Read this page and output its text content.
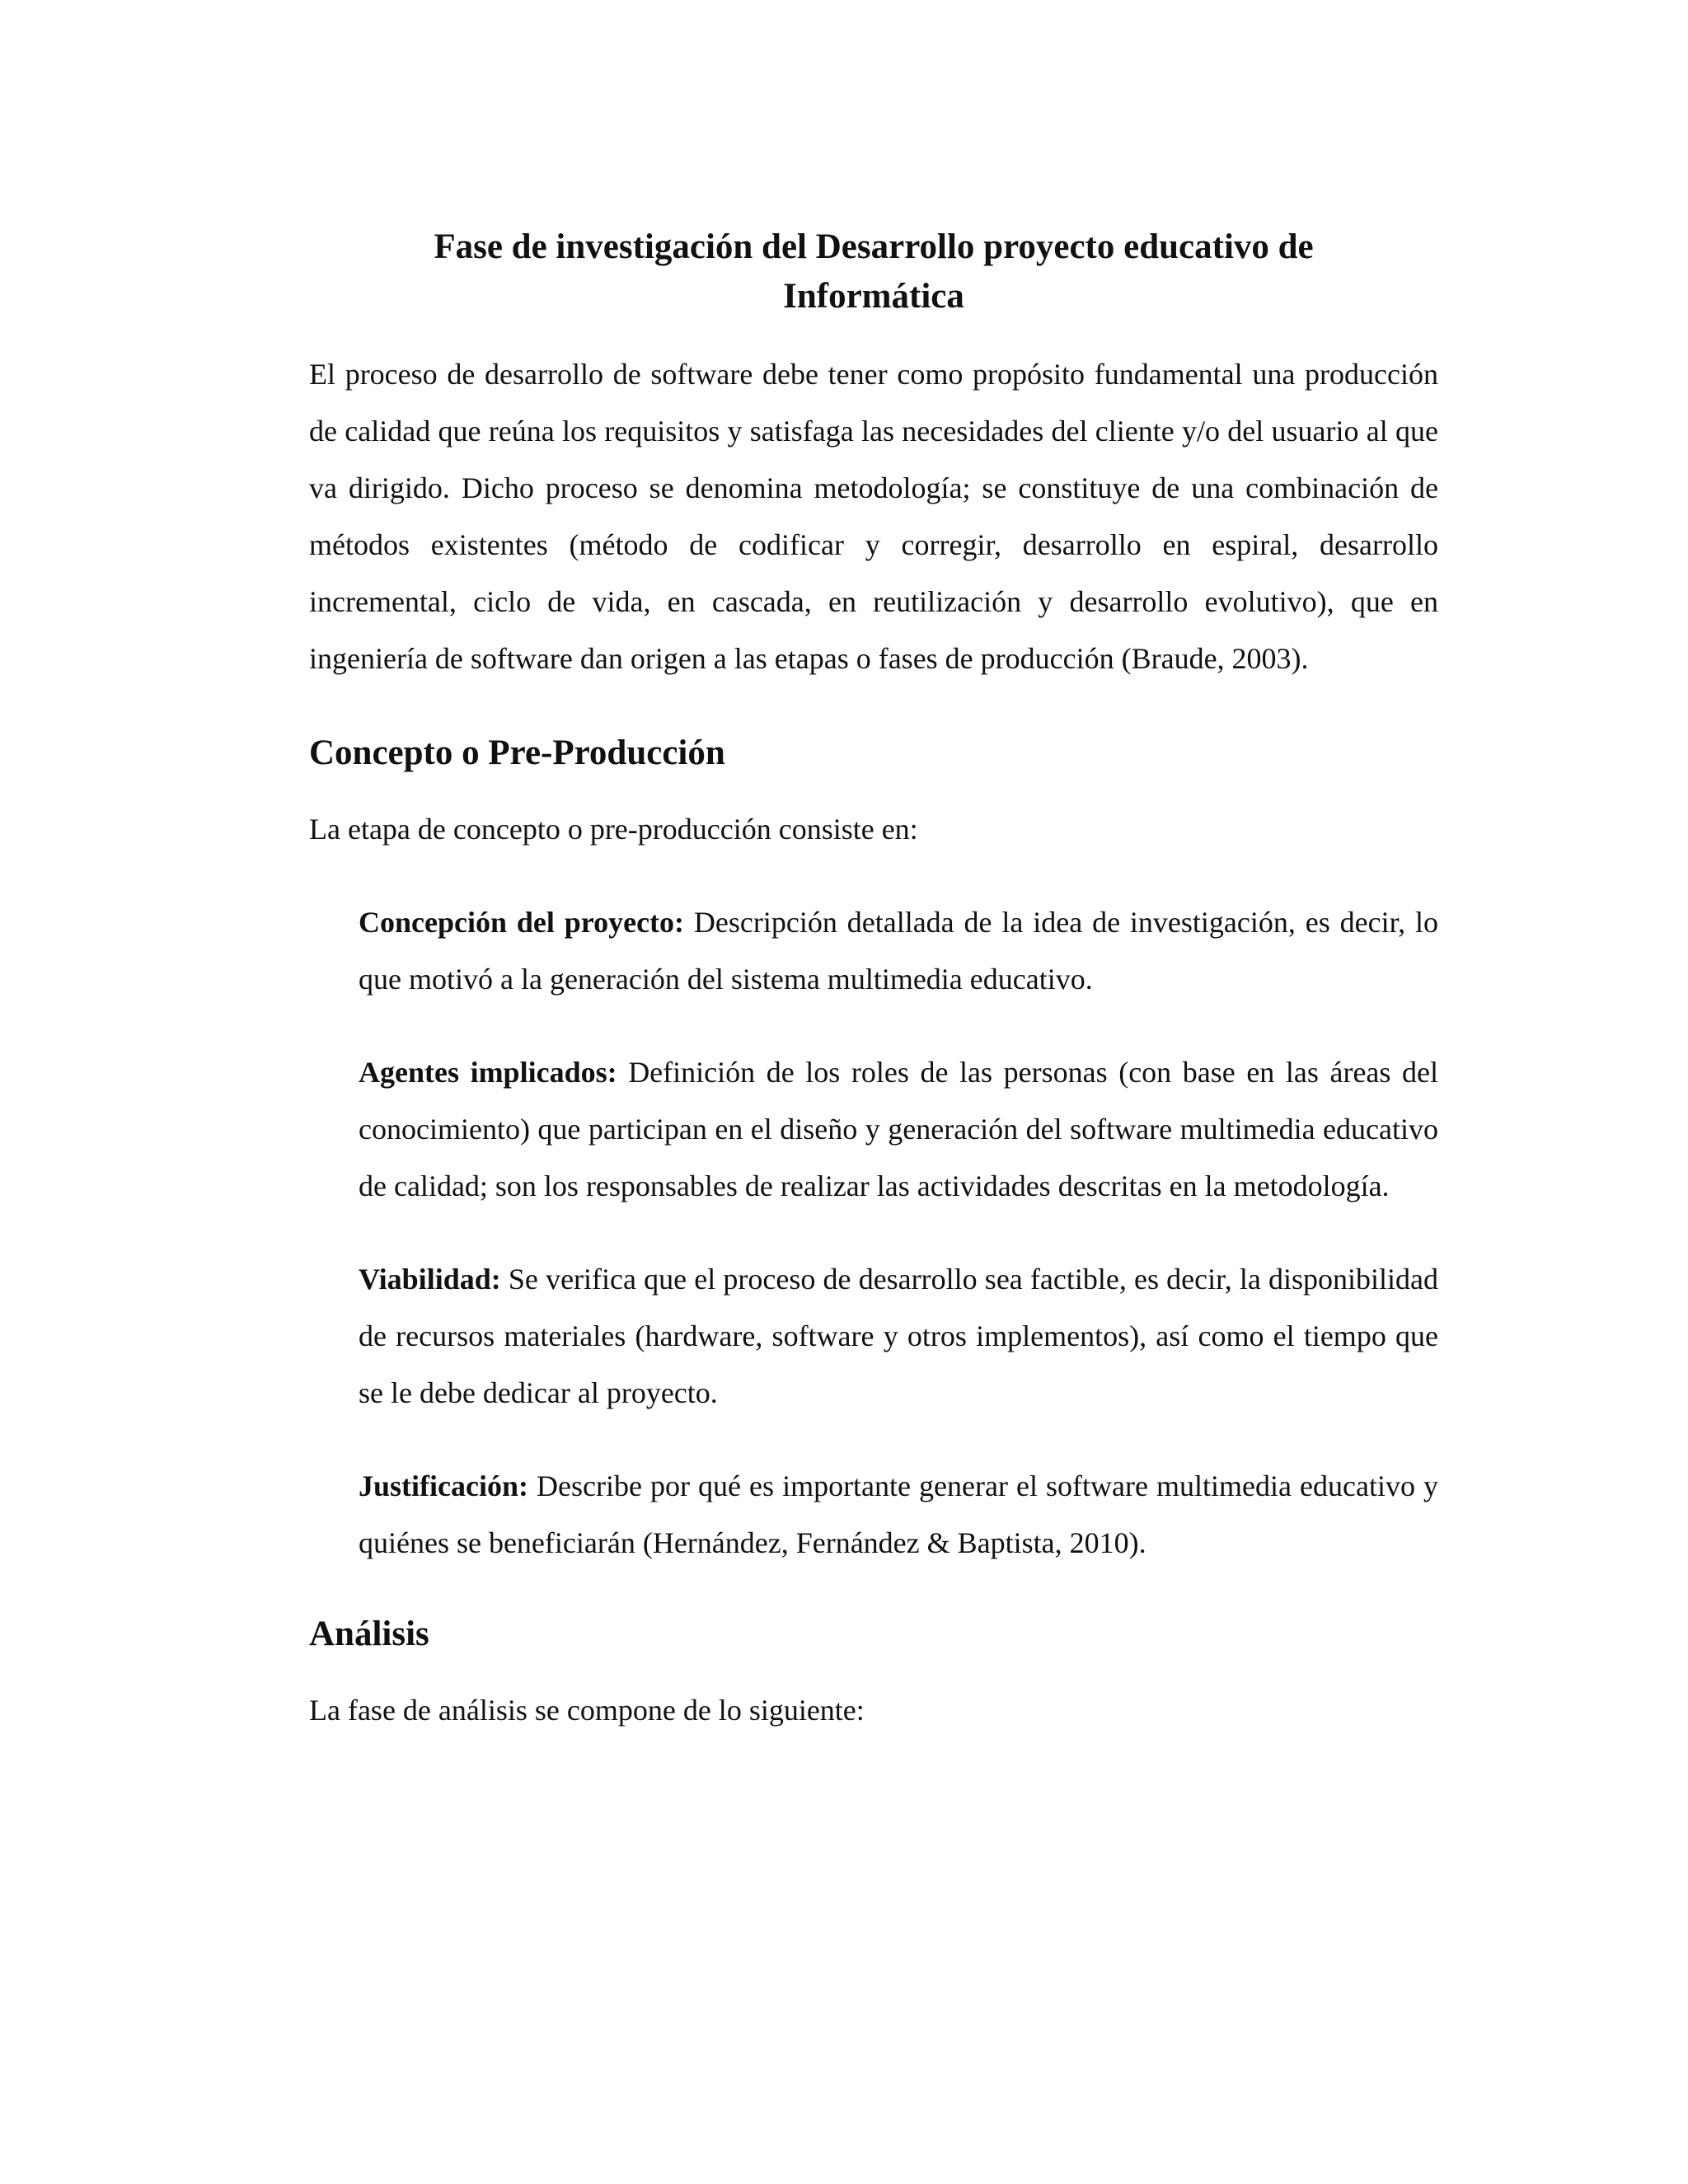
Fase de investigación del Desarrollo proyecto educativo de
Informática

El proceso de desarrollo de software debe tener como propósito fundamental una producción de calidad que reúna los requisitos y satisfaga las necesidades del cliente y/o del usuario al que va dirigido. Dicho proceso se denomina metodología; se constituye de una combinación de métodos existentes (método de codificar y corregir, desarrollo en espiral, desarrollo incremental, ciclo de vida, en cascada, en reutilización y desarrollo evolutivo), que en ingeniería de software dan origen a las etapas o fases de producción (Braude, 2003).

Concepto o Pre-Producción

La etapa de concepto o pre-producción consiste en:

Concepción del proyecto: Descripción detallada de la idea de investigación, es decir, lo que motivó a la generación del sistema multimedia educativo.

Agentes implicados: Definición de los roles de las personas (con base en las áreas del conocimiento) que participan en el diseño y generación del software multimedia educativo de calidad; son los responsables de realizar las actividades descritas en la metodología.

Viabilidad: Se verifica que el proceso de desarrollo sea factible, es decir, la disponibilidad de recursos materiales (hardware, software y otros implementos), así como el tiempo que se le debe dedicar al proyecto.

Justificación: Describe por qué es importante generar el software multimedia educativo y quiénes se beneficiarán (Hernández, Fernández & Baptista, 2010).

Análisis

La fase de análisis se compone de lo siguiente:
